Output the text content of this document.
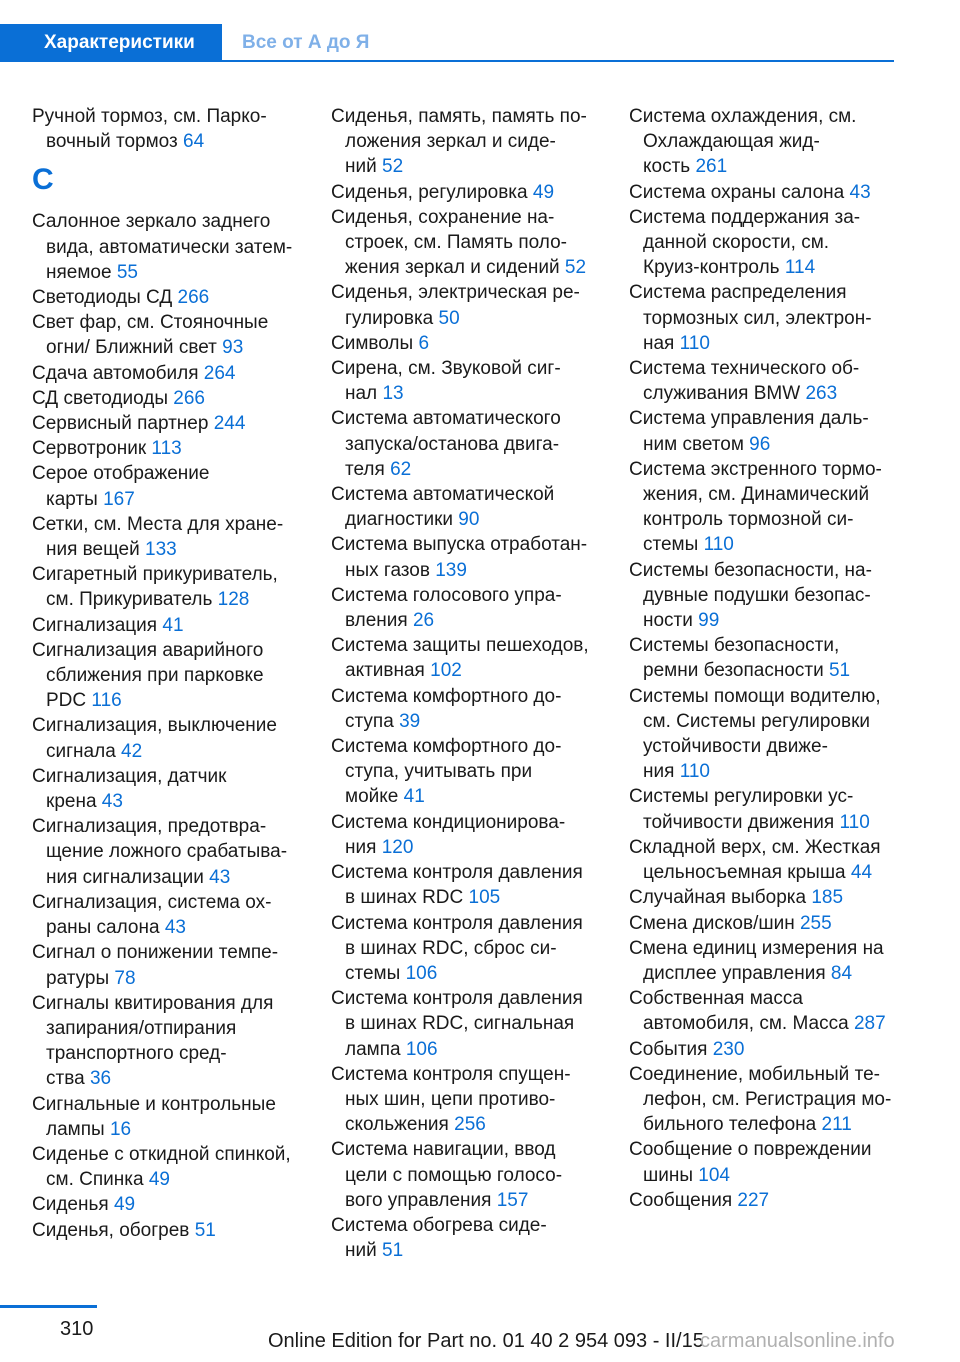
Характеристики	Все от А до Я
Ручной тормоз, см. Парко-
вочный тормоз 64
С
Салонное зеркало заднего
вида, автоматически затем-
няемое 55
Светодиоды СД 266
Свет фар, см. Стояночные
огни/ Ближний свет 93
Сдача автомобиля 264
СД светодиоды 266
Сервисный партнер 244
Сервотроник 113
Серое отображение
карты 167
Сетки, см. Места для хране-
ния вещей 133
Сигаретный прикуриватель,
см. Прикуриватель 128
Сигнализация 41
Сигнализация аварийного
сближения при парковке
PDC 116
Сигнализация, выключение
сигнала 42
Сигнализация, датчик
крена 43
Сигнализация, предотвра-
щение ложного срабатыва-
ния сигнализации 43
Сигнализация, система ох-
раны салона 43
Сигнал о понижении темпе-
ратуры 78
Сигналы квитирования для
запирания/отпирания
транспортного сред-
ства 36
Сигнальные и контрольные
лампы 16
Сиденье с откидной спинкой,
см. Спинка 49
Сиденья 49
Сиденья, обогрев 51
Сиденья, память, память по-
ложения зеркал и сиде-
ний 52
Сиденья, регулировка 49
Сиденья, сохранение на-
строек, см. Память поло-
жения зеркал и сидений 52
Сиденья, электрическая ре-
гулировка 50
Символы 6
Сирена, см. Звуковой сиг-
нал 13
Система автоматического
запуска/останова двига-
теля 62
Система автоматической
диагностики 90
Система выпуска отработан-
ных газов 139
Система голосового упра-
вления 26
Система защиты пешеходов,
активная 102
Система комфортного до-
ступа 39
Система комфортного до-
ступа, учитывать при
мойке 41
Система кондиционирова-
ния 120
Система контроля давления
в шинах RDC 105
Система контроля давления
в шинах RDC, сброс си-
стемы 106
Система контроля давления
в шинах RDC, сигнальная
лампа 106
Система контроля спущен-
ных шин, цепи противо-
скольжения 256
Система навигации, ввод
цели с помощью голосо-
вого управления 157
Система обогрева сиде-
ний 51
Система охлаждения, см.
Охлаждающая жид-
кость 261
Система охраны салона 43
Система поддержания за-
данной скорости, см.
Круиз-контроль 114
Система распределения
тормозных сил, электрон-
ная 110
Система технического об-
служивания BMW 263
Система управления даль-
ним светом 96
Система экстренного тормо-
жения, см. Динамический
контроль тормозной си-
стемы 110
Системы безопасности, на-
дувные подушки безопас-
ности 99
Системы безопасности,
ремни безопасности 51
Системы помощи водителю,
см. Системы регулировки
устойчивости движе-
ния 110
Системы регулировки ус-
тойчивости движения 110
Складной верх, см. Жесткая
цельносъемная крыша 44
Случайная выборка 185
Смена дисков/шин 255
Смена единиц измерения на
дисплее управления 84
Собственная масса
автомобиля, см. Масса 287
События 230
Соединение, мобильный те-
лефон, см. Регистрация мо-
бильного телефона 211
Сообщение о повреждении
шины 104
Сообщения 227
310
Online Edition for Part no. 01 40 2 954 093 - II/15
carmanualsonline.info
